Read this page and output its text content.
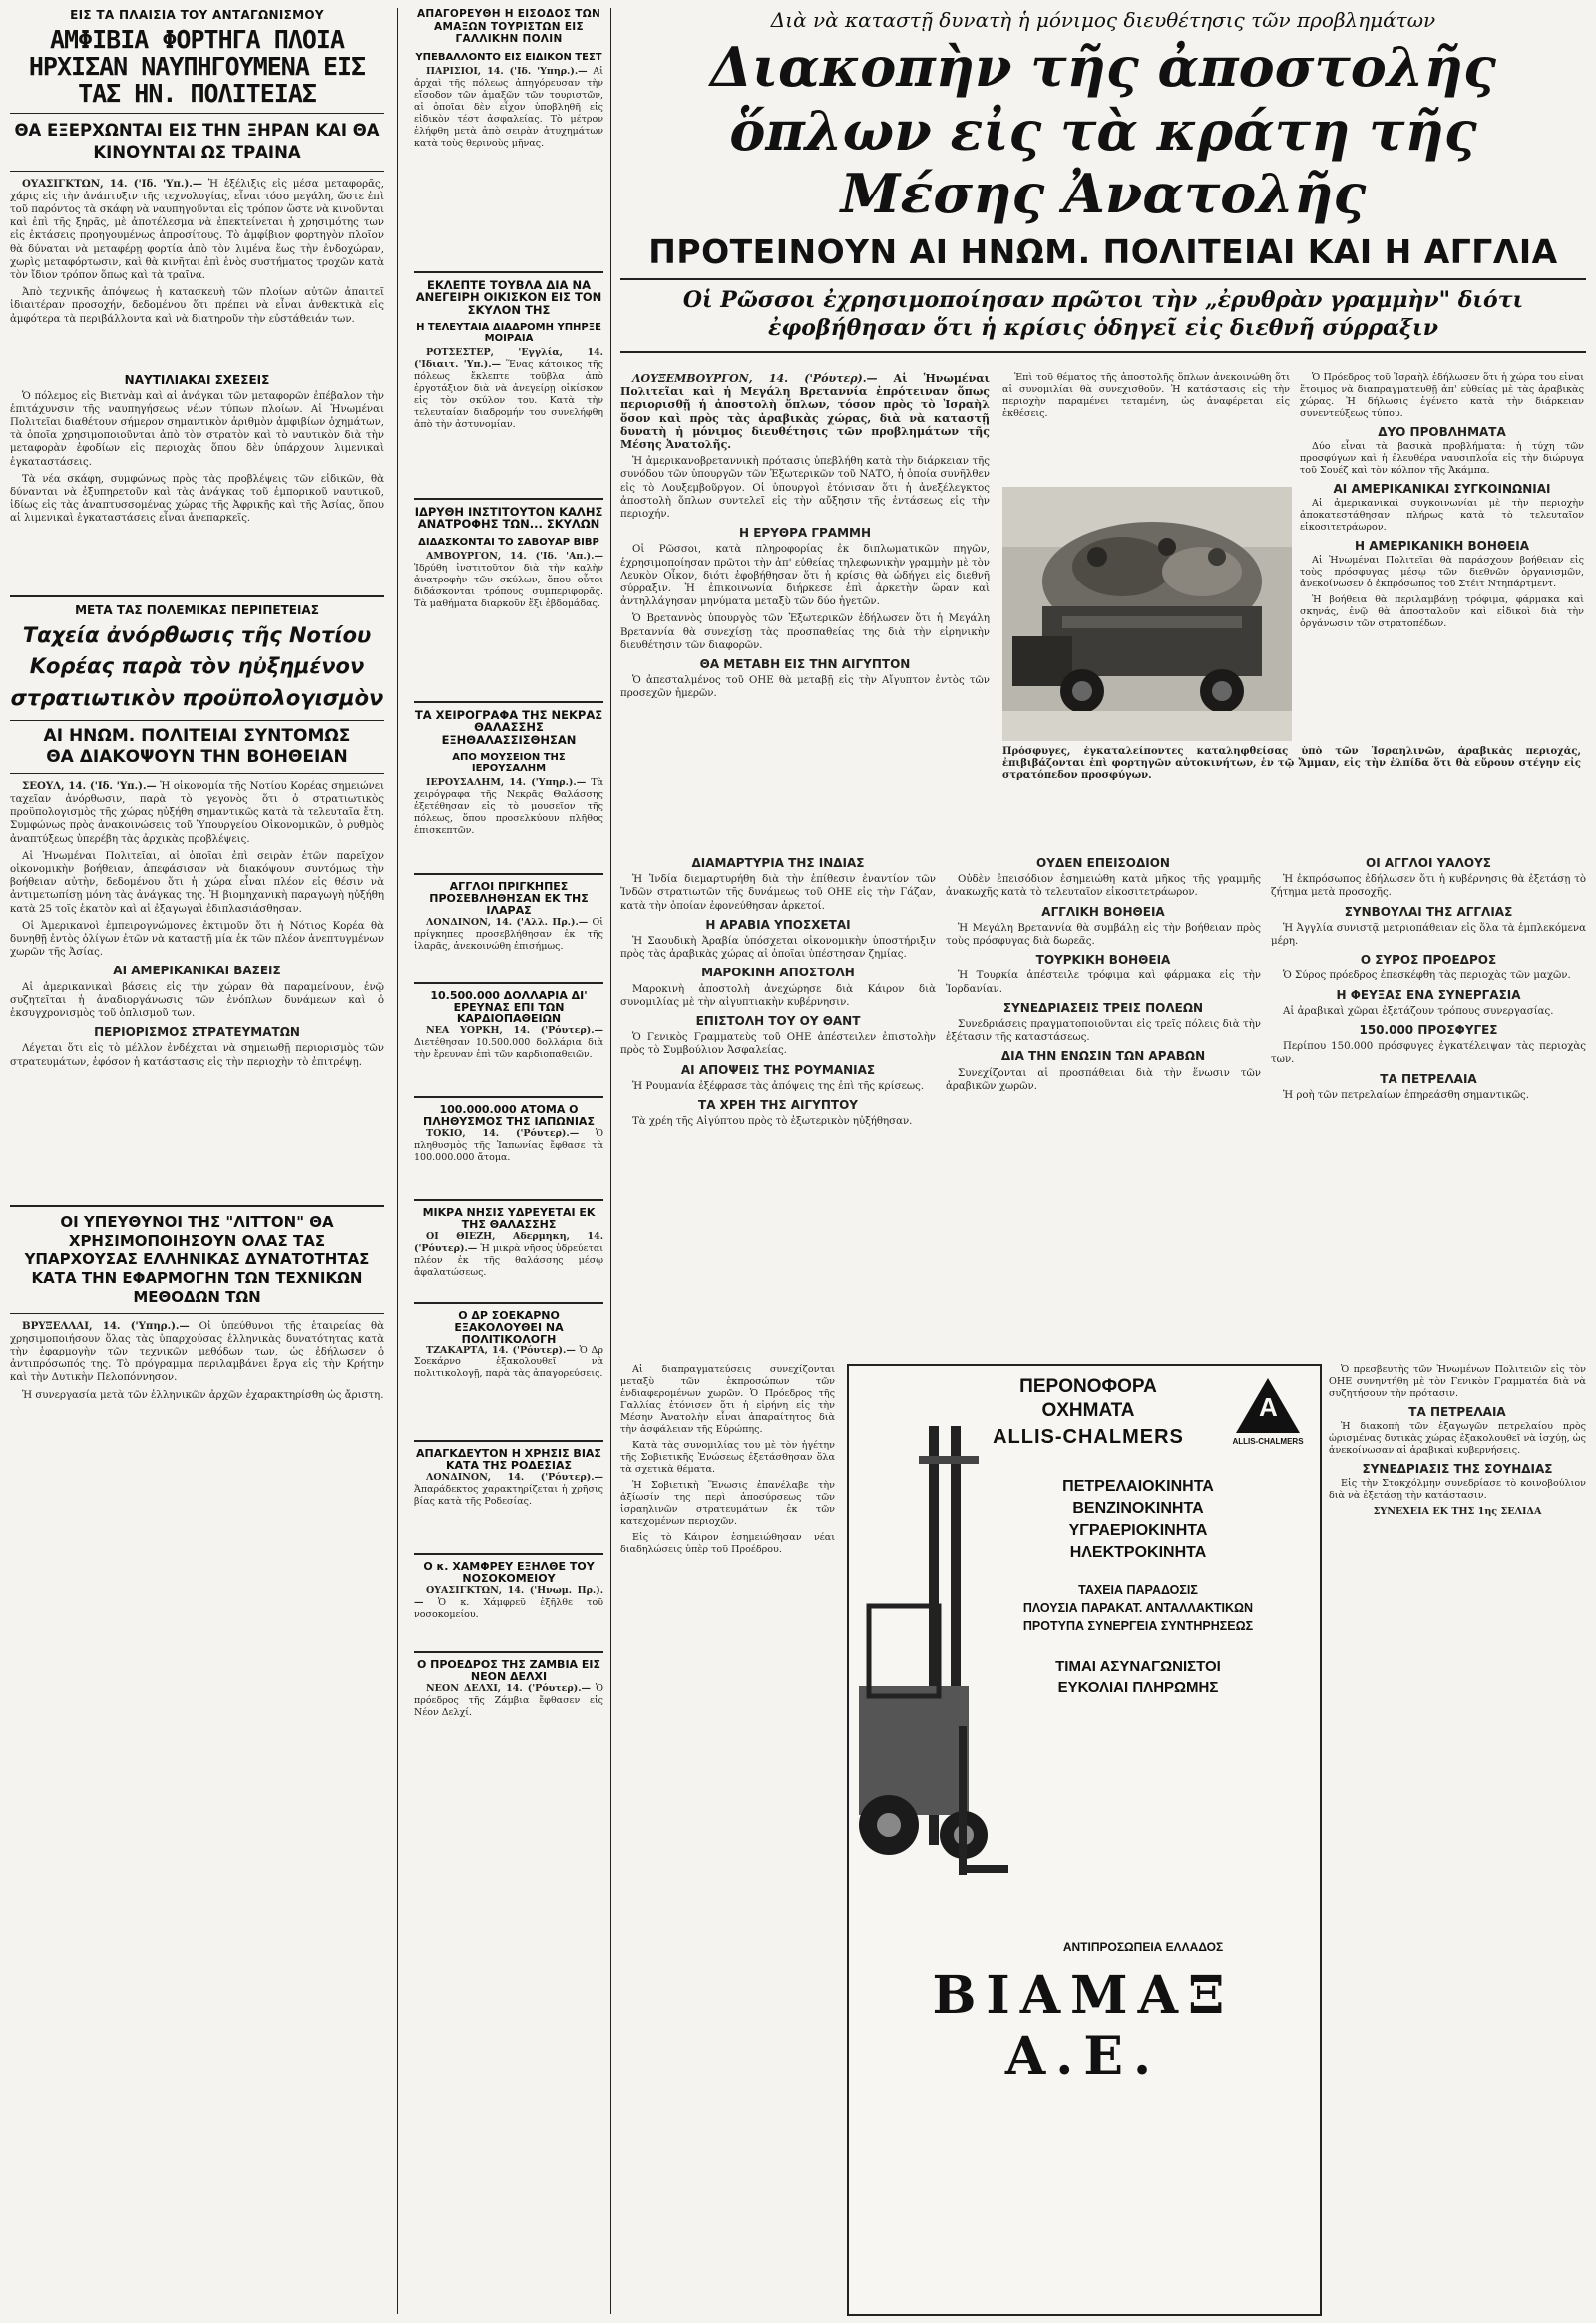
ΕΙΣ ΤΑ ΠΛΑΙΣΙΑ ΤΟΥ ΑΝΤΑΓΩΝΙΣΜΟΥ
ΑΜΦΙΒΙΑ ΦΟΡΤΗΓΑ ΠΛΟΙΑ ΗΡΧΙΣΑΝ ΝΑΥΠΗΓΟΥΜΕΝΑ ΕΙΣ ΤΑΣ ΗΝ. ΠΟΛΙΤΕΙΑΣ
ΘΑ ΕΞΕΡΧΩΝΤΑΙ ΕΙΣ ΤΗΝ ΞΗΡΑΝ ΚΑΙ ΘΑ ΚΙΝΟΥΝΤΑΙ ΩΣ ΤΡΑΙΝΑ

ΟΥΑΣΙΓΚΤΩΝ, 14. ('Ιδ. 'Υπ.).— Ἡ ἐξέλιξις εἰς μέσα μεταφορᾶς, χάρις εἰς τὴν ἀνάπτυξιν τῆς τεχνολογίας, εἶναι τόσο μεγάλη, ὥστε ἐπὶ τοῦ παρόντος τὰ σκάφη νὰ ναυπηγοῦνται εἰς τρόπον ὥστε νὰ κινοῦνται καὶ ἐπὶ τῆς ξηρᾶς, μὲ ἀποτέλεσμα νὰ ἐπεκτείνεται ἡ χρησιμότης των εἰς ἐκτάσεις προηγουμένως ἀπροσίτους. Τὸ ἀμφίβιον φορτηγὸν πλοῖον θὰ δύναται νὰ μεταφέρῃ φορτία ἀπὸ τὸν λιμένα ἕως τὴν ἐνδοχώραν, χωρὶς μεταφόρτωσιν, καὶ θὰ κινῆται ἐπὶ ἑνὸς συστήματος τροχῶν κατὰ τὸν ἴδιον τρόπον ὅπως καὶ τὰ τραῖνα.

Ἀπὸ τεχνικῆς ἀπόψεως ἡ κατασκευὴ τῶν πλοίων αὐτῶν ἀπαιτεῖ ἰδιαιτέραν προσοχήν, δεδομένου ὅτι πρέπει νὰ εἶναι ἀνθεκτικὰ εἰς ἀμφότερα τὰ περιβάλλοντα καὶ νὰ διατηροῦν τὴν εὐστάθειάν των.

ΝΑΥΤΙΛΙΑΚΑΙ ΣΧΕΣΕΙΣ

Ὁ πόλεμος εἰς Βιετνὰμ καὶ αἱ ἀνάγκαι τῶν μεταφορῶν ἐπέβαλον τὴν ἐπιτάχυνσιν τῆς ναυπηγήσεως νέων τύπων πλοίων. Αἱ Ἡνωμέναι Πολιτεῖαι διαθέτουν σήμερον σημαντικὸν ἀριθμὸν ἀμφιβίων ὀχημάτων, τὰ ὁποῖα χρησιμοποιοῦνται ἀπὸ τὸν στρατὸν καὶ τὸ ναυτικὸν διὰ τὴν μεταφορὰν ἐφοδίων εἰς περιοχὰς ὅπου δὲν ὑπάρχουν λιμενικαὶ ἐγκαταστάσεις.

Τὰ νέα σκάφη, συμφώνως πρὸς τὰς προβλέψεις τῶν εἰδικῶν, θὰ δύνανται νὰ ἐξυπηρετοῦν καὶ τὰς ἀνάγκας τοῦ ἐμπορικοῦ ναυτικοῦ, ἰδίως εἰς τὰς ἀναπτυσσομένας χώρας τῆς Ἀφρικῆς καὶ τῆς Ἀσίας, ὅπου αἱ λιμενικαὶ ἐγκαταστάσεις εἶναι ἀνεπαρκεῖς.

ΜΕΤΑ ΤΑΣ ΠΟΛΕΜΙΚΑΣ ΠΕΡΙΠΕΤΕΙΑΣ
Ταχεία ἀνόρθωσις τῆς Νοτίου Κορέας παρὰ τὸν ηὐξημένον στρατιωτικὸν προϋπολογισμὸν
ΑΙ ΗΝΩΜ. ΠΟΛΙΤΕΙΑΙ ΣΥΝΤΟΜΩΣ
ΘΑ ΔΙΑΚΟΨΟΥΝ ΤΗΝ ΒΟΗΘΕΙΑΝ

ΣΕΟΥΛ, 14. ('Ιδ. 'Υπ.).— Ἡ οἰκονομία τῆς Νοτίου Κορέας σημειώνει ταχεῖαν ἀνόρθωσιν, παρὰ τὸ γεγονὸς ὅτι ὁ στρατιωτικὸς προϋπολογισμὸς τῆς χώρας ηὐξήθη σημαντικῶς κατὰ τὰ τελευταῖα ἔτη. Συμφώνως πρὸς ἀνακοινώσεις τοῦ Ὑπουργείου Οἰκονομικῶν, ὁ ρυθμὸς ἀναπτύξεως ὑπερέβη τὰς ἀρχικὰς προβλέψεις.

Αἱ Ἡνωμέναι Πολιτεῖαι, αἱ ὁποῖαι ἐπὶ σειρὰν ἐτῶν παρεῖχον οἰκονομικὴν βοήθειαν, ἀπεφάσισαν νὰ διακόψουν συντόμως τὴν βοήθειαν αὐτὴν, δεδομένου ὅτι ἡ χώρα εἶναι πλέον εἰς θέσιν νὰ ἀντιμετωπίσῃ μόνη τὰς ἀνάγκας της. Ἡ βιομηχανικὴ παραγωγὴ ηὐξήθη κατὰ 25 τοῖς ἑκατὸν καὶ αἱ ἐξαγωγαὶ ἐδιπλασιάσθησαν.

Οἱ Ἀμερικανοὶ ἐμπειρογνώμονες ἐκτιμοῦν ὅτι ἡ Νότιος Κορέα θὰ δυνηθῇ ἐντὸς ὀλίγων ἐτῶν νὰ καταστῇ μία ἐκ τῶν πλέον ἀνεπτυγμένων χωρῶν τῆς Ἀσίας.

ΑΙ ΑΜΕΡΙΚΑΝΙΚΑΙ ΒΑΣΕΙΣ

Αἱ ἀμερικανικαὶ βάσεις εἰς τὴν χώραν θὰ παραμείνουν, ἐνῷ συζητεῖται ἡ ἀναδιοργάνωσις τῶν ἐνόπλων δυνάμεων καὶ ὁ ἐκσυγχρονισμὸς τοῦ ὁπλισμοῦ των.

ΠΕΡΙΟΡΙΣΜΟΣ ΣΤΡΑΤΕΥΜΑΤΩΝ

Λέγεται ὅτι εἰς τὸ μέλλον ἐνδέχεται νὰ σημειωθῇ περιορισμὸς τῶν στρατευμάτων, ἐφόσον ἡ κατάστασις εἰς τὴν περιοχὴν τὸ ἐπιτρέψῃ.

ΟΙ ΥΠΕΥΘΥΝΟΙ ΤΗΣ "ΛΙΤΤΟΝ" ΘΑ ΧΡΗΣΙΜΟΠΟΙΗΣΟΥΝ ΟΛΑΣ ΤΑΣ ΥΠΑΡΧΟΥΣΑΣ ΕΛΛΗΝΙΚΑΣ ΔΥΝΑΤΟΤΗΤΑΣ ΚΑΤΑ ΤΗΝ ΕΦΑΡΜΟΓΗΝ ΤΩΝ ΤΕΧΝΙΚΩΝ ΜΕΘΟΔΩΝ ΤΩΝ

ΒΡΥΞΕΛΛΑΙ, 14. ('Υπηρ.).— Οἱ ὑπεύθυνοι τῆς ἑταιρείας θὰ χρησιμοποιήσουν ὅλας τὰς ὑπαρχούσας ἑλληνικὰς δυνατότητας κατὰ τὴν ἐφαρμογὴν τῶν τεχνικῶν μεθόδων των, ὡς ἐδήλωσεν ὁ ἀντιπρόσωπός της. Τὸ πρόγραμμα περιλαμβάνει ἔργα εἰς τὴν Κρήτην καὶ τὴν Δυτικὴν Πελοπόννησον.

Ἡ συνεργασία μετὰ τῶν ἑλληνικῶν ἀρχῶν ἐχαρακτηρίσθη ὡς ἄριστη.

ΑΠΑΓΟΡΕΥΘΗ Η ΕΙΣΟΔΟΣ ΤΩΝ ΑΜΑΞΩΝ ΤΟΥΡΙΣΤΩΝ ΕΙΣ ΓΑΛΛΙΚΗΝ ΠΟΛΙΝ
ΥΠΕΒΑΛΛΟΝΤΟ ΕΙΣ ΕΙΔΙΚΟΝ ΤΕΣΤ

ΠΑΡΙΣΙΟΙ, 14. ('Ιδ. 'Υπηρ.).— Αἱ ἀρχαὶ τῆς πόλεως ἀπηγόρευσαν τὴν εἴσοδον τῶν ἁμαξῶν τῶν τουριστῶν, αἱ ὁποῖαι δὲν εἶχον ὑποβληθῆ εἰς εἰδικὸν τέστ ἀσφαλείας. Τὸ μέτρον ἐλήφθη μετὰ ἀπὸ σειρὰν ἀτυχημάτων κατὰ τοὺς θερινοὺς μῆνας.

ΕΚΛΕΠΤΕ ΤΟΥΒΛΑ ΔΙΑ ΝΑ ΑΝΕΓΕΙΡΗ ΟΙΚΙΣΚΟΝ ΕΙΣ ΤΟΝ ΣΚΥΛΟΝ ΤΗΣ
Η ΤΕΛΕΥΤΑΙΑ ΔΙΑΔΡΟΜΗ ΥΠΗΡΞΕ ΜΟΙΡΑΙΑ

ΡΟΤΣΕΣΤΕΡ, 'Εγγλία, 14. ('Ιδιαιτ. 'Υπ.).— Ἕνας κάτοικος τῆς πόλεως ἔκλεπτε τοῦβλα ἀπὸ ἐργοτάξιον διὰ νὰ ἀνεγείρῃ οἰκίσκον εἰς τὸν σκύλον του. Κατὰ τὴν τελευταίαν διαδρομήν του συνελήφθη ἀπὸ τὴν ἀστυνομίαν.

ΙΔΡΥΘΗ ΙΝΣΤΙΤΟΥΤΟΝ ΚΑΛΗΣ ΑΝΑΤΡΟΦΗΣ ΤΩΝ... ΣΚΥΛΩΝ
ΔΙΔΑΣΚΟΝΤΑΙ ΤΟ ΣΑΒΟΥΑΡ ΒΙΒΡ

ΑΜΒΟΥΡΓΟΝ, 14. ('Ιδ. 'Απ.).— Ἱδρύθη ἰνστιτοῦτον διὰ τὴν καλὴν ἀνατροφὴν τῶν σκύλων, ὅπου οὗτοι διδάσκονται τρόπους συμπεριφορᾶς. Τὰ μαθήματα διαρκοῦν ἕξι ἑβδομάδας.

ΤΑ ΧΕΙΡΟΓΡΑΦΑ ΤΗΣ ΝΕΚΡΑΣ ΘΑΛΑΣΣΗΣ ΕΞΗΘΑΛΑΣΣΙΣΘΗΣΑΝ
ΑΠΟ ΜΟΥΣΕΙΟΝ ΤΗΣ ΙΕΡΟΥΣΑΛΗΜ

ΙΕΡΟΥΣΑΛΗΜ, 14. ('Υπηρ.).— Τὰ χειρόγραφα τῆς Νεκρᾶς Θαλάσσης ἐξετέθησαν εἰς τὸ μουσεῖον τῆς πόλεως, ὅπου προσελκύουν πλῆθος ἐπισκεπτῶν.

ΑΓΓΛΟΙ ΠΡΙΓΚΗΠΕΣ ΠΡΟΣΕΒΛΗΘΗΣΑΝ ΕΚ ΤΗΣ ΙΛΑΡΑΣ

ΛΟΝΔΙΝΟΝ, 14. ('Αλλ. Πρ.).— Οἱ πρίγκηπες προσεβλήθησαν ἐκ τῆς ἰλαρᾶς, ἀνεκοινώθη ἐπισήμως.

10.500.000 ΔΟΛΛΑΡΙΑ ΔΙ' ΕΡΕΥΝΑΣ ΕΠΙ ΤΩΝ ΚΑΡΔΙΟΠΑΘΕΙΩΝ

ΝΕΑ ΥΟΡΚΗ, 14. ('Ρόυτερ).— Διετέθησαν 10.500.000 δολλάρια διὰ τὴν ἔρευναν ἐπὶ τῶν καρδιοπαθειῶν.

100.000.000 ΑΤΟΜΑ Ο ΠΛΗΘΥΣΜΟΣ ΤΗΣ ΙΑΠΩΝΙΑΣ

ΤΟΚΙΟ, 14. ('Ρόυτερ).— Ὁ πληθυσμὸς τῆς Ἰαπωνίας ἔφθασε τὰ 100.000.000 ἄτομα.

ΜΙΚΡΑ ΝΗΣΙΣ ΥΔΡΕΥΕΤΑΙ ΕΚ ΤΗΣ ΘΑΛΑΣΣΗΣ

ΟΙ ΘΙΕΖΗ, Αδερμηκη, 14. ('Ρόυτερ).— Ἡ μικρὰ νῆσος ὑδρεύεται πλέον ἐκ τῆς θαλάσσης μέσῳ ἀφαλατώσεως.

Ο ΔΡ ΣΟΕΚΑΡΝΟ ΕΞΑΚΟΛΟΥΘΕΙ ΝΑ ΠΟΛΙΤΙΚΟΛΟΓΗ

ΤΖΑΚΑΡΤΑ, 14. ('Ρόυτερ).— Ὁ Δρ Σοεκάρνο ἐξακολουθεῖ νὰ πολιτικολογῇ, παρὰ τὰς ἀπαγορεύσεις.

ΑΠΑΓΚΔΕΥΤΟΝ Η ΧΡΗΣΙΣ ΒΙΑΣ ΚΑΤΑ ΤΗΣ ΡΟΔΕΣΙΑΣ

ΛΟΝΔΙΝΟΝ, 14. ('Ρόυτερ).— Ἀπαράδεκτος χαρακτηρίζεται ἡ χρῆσις βίας κατὰ τῆς Ροδεσίας.

Ο κ. ΧΑΜΦΡΕΥ ΕΞΗΛΘΕ ΤΟΥ ΝΟΣΟΚΟΜΕΙΟΥ

ΟΥΑΣΙΓΚΤΩΝ, 14. ('Ηνωμ. Πρ.).— Ὁ κ. Χάμφρεϋ ἐξῆλθε τοῦ νοσοκομείου.

Ο ΠΡΟΕΔΡΟΣ ΤΗΣ ΖΑΜΒΙΑ ΕΙΣ ΝΕΟΝ ΔΕΛΧΙ

ΝΕΟΝ ΔΕΛΧΙ, 14. ('Ρόυτερ).— Ὁ πρόεδρος τῆς Ζάμβια ἔφθασεν εἰς Νέον Δελχί.

Διὰ νὰ καταστῇ δυνατὴ ἡ μόνιμος διευθέτησις τῶν προβλημάτων
Διακοπὴν τῆς ἀποστολῆς ὅπλων εἰς τὰ κράτη τῆς Μέσης Ἀνατολῆς
ΠΡΟΤΕΙΝΟΥΝ ΑΙ ΗΝΩΜ. ΠΟΛΙΤΕΙΑΙ ΚΑΙ Η ΑΓΓΛΙΑ
Οἱ Ρῶσσοι ἐχρησιμοποίησαν πρῶτοι τὴν „ἐρυθρὰν γραμμὴν" διότι ἐφοβήθησαν ὅτι ἡ κρίσις ὁδηγεῖ εἰς διεθνῆ σύρραξιν

ΛΟΥΞΕΜΒΟΥΡΓΟΝ, 14. ('Ρόυτερ).— Αἱ Ἡνωμέναι Πολιτεῖαι καὶ ἡ Μεγάλη Βρεταννία ἐπρότειναν ὅπως περιορισθῇ ἡ ἀποστολὴ ὅπλων, τόσον πρὸς τὸ Ἰσραὴλ ὅσον καὶ πρὸς τὰς ἀραβικὰς χώρας, διὰ νὰ καταστῇ δυνατὴ ἡ μόνιμος διευθέτησις τῶν προβλημάτων τῆς Μέσης Ἀνατολῆς.

Ἡ ἀμερικανοβρεταννικὴ πρότασις ὑπεβλήθη κατὰ τὴν διάρκειαν τῆς συνόδου τῶν ὑπουργῶν τῶν Ἐξωτερικῶν τοῦ ΝΑΤΟ, ἡ ὁποία συνῆλθεν εἰς τὸ Λουξεμβοῦργον. Οἱ ὑπουργοὶ ἐτόνισαν ὅτι ἡ ἀνεξέλεγκτος ἀποστολὴ ὅπλων συντελεῖ εἰς τὴν αὔξησιν τῆς ἐντάσεως εἰς τὴν περιοχήν.

Η ΕΡΥΘΡΑ ΓΡΑΜΜΗ

Οἱ Ρῶσσοι, κατὰ πληροφορίας ἐκ διπλωματικῶν πηγῶν, ἐχρησιμοποίησαν πρῶτοι τὴν ἀπ' εὐθείας τηλεφωνικὴν γραμμὴν μὲ τὸν Λευκὸν Οἶκον, διότι ἐφοβήθησαν ὅτι ἡ κρίσις θὰ ὡδήγει εἰς διεθνῆ σύρραξιν. Ἡ ἐπικοινωνία διήρκεσε ἐπὶ ἀρκετὴν ὥραν καὶ ἀντηλλάγησαν μηνύματα μεταξὺ τῶν δύο ἡγετῶν.

Ὁ Βρεταννὸς ὑπουργὸς τῶν Ἐξωτερικῶν ἐδήλωσεν ὅτι ἡ Μεγάλη Βρεταννία θὰ συνεχίσῃ τὰς προσπαθείας της διὰ τὴν εἰρηνικὴν διευθέτησιν τῶν διαφορῶν.

ΘΑ ΜΕΤΑΒΗ ΕΙΣ ΤΗΝ ΑΙΓΥΠΤΟΝ

Ὁ ἀπεσταλμένος τοῦ ΟΗΕ θὰ μεταβῇ εἰς τὴν Αἴγυπτον ἐντὸς τῶν προσεχῶν ἡμερῶν.

Ἐπὶ τοῦ θέματος τῆς ἀποστολῆς ὅπλων ἀνεκοινώθη ὅτι αἱ συνομιλίαι θὰ συνεχισθοῦν. Ἡ κατάστασις εἰς τὴν περιοχὴν παραμένει τεταμένη, ὡς ἀναφέρεται εἰς ἐκθέσεις.

Ὁ Πρόεδρος τοῦ Ἰσραὴλ ἐδήλωσεν ὅτι ἡ χώρα του εἶναι ἕτοιμος νὰ διαπραγματευθῇ ἀπ' εὐθείας μὲ τὰς ἀραβικὰς χώρας. Ἡ δήλωσις ἐγένετο κατὰ τὴν διάρκειαν συνεντεύξεως τύπου.

ΔΥΟ ΠΡΟΒΛΗΜΑΤΑ

Δύο εἶναι τὰ βασικὰ προβλήματα: ἡ τύχη τῶν προσφύγων καὶ ἡ ἐλευθέρα ναυσιπλοΐα εἰς τὴν διώρυγα τοῦ Σουέζ καὶ τὸν κόλπον τῆς Ἀκάμπα.

ΑΙ ΑΜΕΡΙΚΑΝΙΚΑΙ ΣΥΓΚΟΙΝΩΝΙΑΙ

Αἱ ἀμερικανικαὶ συγκοινωνίαι μὲ τὴν περιοχὴν ἀποκατεστάθησαν πλήρως κατὰ τὸ τελευταῖον εἰκοσιτετράωρον.

Η ΑΜΕΡΙΚΑΝΙΚΗ ΒΟΗΘΕΙΑ

Αἱ Ἡνωμέναι Πολιτεῖαι θὰ παράσχουν βοήθειαν εἰς τοὺς πρόσφυγας μέσῳ τῶν διεθνῶν ὀργανισμῶν, ἀνεκοίνωσεν ὁ ἐκπρόσωπος τοῦ Στέιτ Ντηπάρτμεντ.

Ἡ βοήθεια θὰ περιλαμβάνῃ τρόφιμα, φάρμακα καὶ σκηνάς, ἐνῷ θὰ ἀποσταλοῦν καὶ εἰδικοὶ διὰ τὴν ὀργάνωσιν τῶν στρατοπέδων.

Πρόσφυγες, ἐγκαταλείποντες καταληφθείσας ὑπὸ τῶν Ἰσραηλινῶν, ἀραβικὰς περιοχάς, ἐπιβιβάζονται ἐπὶ φορτηγῶν αὐτοκινήτων, ἐν τῷ Ἄμμαν, εἰς τὴν ἐλπίδα ὅτι θὰ εὕρουν στέγην εἰς στρατόπεδον προσφύγων.
ΔΙΑΜΑΡΤΥΡΙΑ ΤΗΣ ΙΝΔΙΑΣ

Ἡ Ἰνδία διεμαρτυρήθη διὰ τὴν ἐπίθεσιν ἐναντίον τῶν Ἰνδῶν στρατιωτῶν τῆς δυνάμεως τοῦ ΟΗΕ εἰς τὴν Γάζαν, κατὰ τὴν ὁποίαν ἐφονεύθησαν ἀρκετοί.

Η ΑΡΑΒΙΑ ΥΠΟΣΧΕΤΑΙ

Ἡ Σαουδικὴ Ἀραβία ὑπόσχεται οἰκονομικὴν ὑποστήριξιν πρὸς τὰς ἀραβικὰς χώρας αἱ ὁποῖαι ὑπέστησαν ζημίας.

ΜΑΡΟΚΙΝΗ ΑΠΟΣΤΟΛΗ

Μαροκινὴ ἀποστολὴ ἀνεχώρησε διὰ Κάιρον διὰ συνομιλίας μὲ τὴν αἰγυπτιακὴν κυβέρνησιν.

ΕΠΙΣΤΟΛΗ ΤΟΥ ΟΥ ΘΑΝΤ

Ὁ Γενικὸς Γραμματεὺς τοῦ ΟΗΕ ἀπέστειλεν ἐπιστολὴν πρὸς τὸ Συμβούλιον Ἀσφαλείας.

ΑΙ ΑΠΟΨΕΙΣ ΤΗΣ ΡΟΥΜΑΝΙΑΣ

Ἡ Ρουμανία ἐξέφρασε τὰς ἀπόψεις της ἐπὶ τῆς κρίσεως.

ΤΑ ΧΡΕΗ ΤΗΣ ΑΙΓΥΠΤΟΥ

Τὰ χρέη τῆς Αἰγύπτου πρὸς τὸ ἐξωτερικὸν ηὐξήθησαν.

ΟΥΔΕΝ ΕΠΕΙΣΟΔΙΟΝ

Οὐδὲν ἐπεισόδιον ἐσημειώθη κατὰ μῆκος τῆς γραμμῆς ἀνακωχῆς κατὰ τὸ τελευταῖον εἰκοσιτετράωρον.

ΑΓΓΛΙΚΗ ΒΟΗΘΕΙΑ

Ἡ Μεγάλη Βρεταννία θὰ συμβάλῃ εἰς τὴν βοήθειαν πρὸς τοὺς πρόσφυγας διὰ δωρεᾶς.

ΤΟΥΡΚΙΚΗ ΒΟΗΘΕΙΑ

Ἡ Τουρκία ἀπέστειλε τρόφιμα καὶ φάρμακα εἰς τὴν Ἰορδανίαν.

ΣΥΝΕΔΡΙΑΣΕΙΣ ΤΡΕΙΣ ΠΟΛΕΩΝ

Συνεδριάσεις πραγματοποιοῦνται εἰς τρεῖς πόλεις διὰ τὴν ἐξέτασιν τῆς καταστάσεως.

ΔΙΑ ΤΗΝ ΕΝΩΣΙΝ ΤΩΝ ΑΡΑΒΩΝ

Συνεχίζονται αἱ προσπάθειαι διὰ τὴν ἕνωσιν τῶν ἀραβικῶν χωρῶν.

ΟΙ ΑΓΓΛΟΙ ΥΑΛΟΥΣ

Ἡ ἐκπρόσωπος ἐδήλωσεν ὅτι ἡ κυβέρνησις θὰ ἐξετάσῃ τὸ ζήτημα μετὰ προσοχῆς.

ΣΥΝΒΟΥΛΑΙ ΤΗΣ ΑΓΓΛΙΑΣ

Ἡ Ἀγγλία συνιστᾷ μετριοπάθειαν εἰς ὅλα τὰ ἐμπλεκόμενα μέρη.

Ο ΣΥΡΟΣ ΠΡΟΕΔΡΟΣ

Ὁ Σύρος πρόεδρος ἐπεσκέφθη τὰς περιοχὰς τῶν μαχῶν.

Η ΦΕΥΞΑΣ ΕΝΑ ΣΥΝΕΡΓΑΣΙΑ

Αἱ ἀραβικαὶ χῶραι ἐξετάζουν τρόπους συνεργασίας.

150.000 ΠΡΟΣΦΥΓΕΣ

Περίπου 150.000 πρόσφυγες ἐγκατέλειψαν τὰς περιοχὰς των.

ΤΑ ΠΕΤΡΕΛΑΙΑ

Ἡ ροὴ τῶν πετρελαίων ἐπηρεάσθη σημαντικῶς.

ΠΕΡΟΝΟΦΟΡΑ
ΟΧΗΜΑΤΑ
ALLIS-CHALMERS
A
ALLIS-CHALMERS
ΠΕΤΡΕΛΑΙΟΚΙΝΗΤΑ
ΒΕΝΖΙΝΟΚΙΝΗΤΑ
ΥΓΡΑΕΡΙΟΚΙΝΗΤΑ
ΗΛΕΚΤΡΟΚΙΝΗΤΑ
ΤΑΧΕΙΑ ΠΑΡΑΔΟΣΙΣ
ΠΛΟΥΣΙΑ ΠΑΡΑΚΑΤ. ΑΝΤΑΛΛΑΚΤΙΚΩΝ
ΠΡΟΤΥΠΑ ΣΥΝΕΡΓΕΙΑ ΣΥΝΤΗΡΗΣΕΩΣ
ΤΙΜΑΙ ΑΣΥΝΑΓΩΝΙΣΤΟΙ
ΕΥΚΟΛΙΑΙ ΠΛΗΡΩΜΗΣ
ΑΝΤΙΠΡΟΣΩΠΕΙΑ ΕΛΛΑΔΟΣ
ΒΙΑΜΑΞ Α.Ε.

Αἱ διαπραγματεύσεις συνεχίζονται μεταξὺ τῶν ἐκπροσώπων τῶν ἐνδιαφερομένων χωρῶν. Ὁ Πρόεδρος τῆς Γαλλίας ἐτόνισεν ὅτι ἡ εἰρήνη εἰς τὴν Μέσην Ἀνατολὴν εἶναι ἀπαραίτητος διὰ τὴν ἀσφάλειαν τῆς Εὐρώπης.

Κατὰ τὰς συνομιλίας του μὲ τὸν ἡγέτην τῆς Σοβιετικῆς Ἑνώσεως ἐξετάσθησαν ὅλα τὰ σχετικὰ θέματα.

Ἡ Σοβιετικὴ Ἕνωσις ἐπανέλαβε τὴν ἀξίωσίν της περὶ ἀποσύρσεως τῶν ἰσραηλινῶν στρατευμάτων ἐκ τῶν κατεχομένων περιοχῶν.

Εἰς τὸ Κάιρον ἐσημειώθησαν νέαι διαδηλώσεις ὑπὲρ τοῦ Προέδρου.

Ὁ πρεσβευτὴς τῶν Ἡνωμένων Πολιτειῶν εἰς τὸν ΟΗΕ συνηντήθη μὲ τὸν Γενικὸν Γραμματέα διὰ νὰ συζητήσουν τὴν πρότασιν.

ΤΑ ΠΕΤΡΕΛΑΙΑ

Ἡ διακοπὴ τῶν ἐξαγωγῶν πετρελαίου πρὸς ὡρισμένας δυτικὰς χώρας ἐξακολουθεῖ νὰ ἰσχύῃ, ὡς ἀνεκοίνωσαν αἱ ἀραβικαὶ κυβερνήσεις.

ΣΥΝΕΔΡΙΑΣΙΣ ΤΗΣ ΣΟΥΗΔΙΑΣ

Εἰς τὴν Στοκχόλμην συνεδρίασε τὸ κοινοβούλιον διὰ νὰ ἐξετάσῃ τὴν κατάστασιν.

ΣΥΝΕΧΕΙΑ ΕΚ ΤΗΣ 1ης ΣΕΛΙΔΑ
